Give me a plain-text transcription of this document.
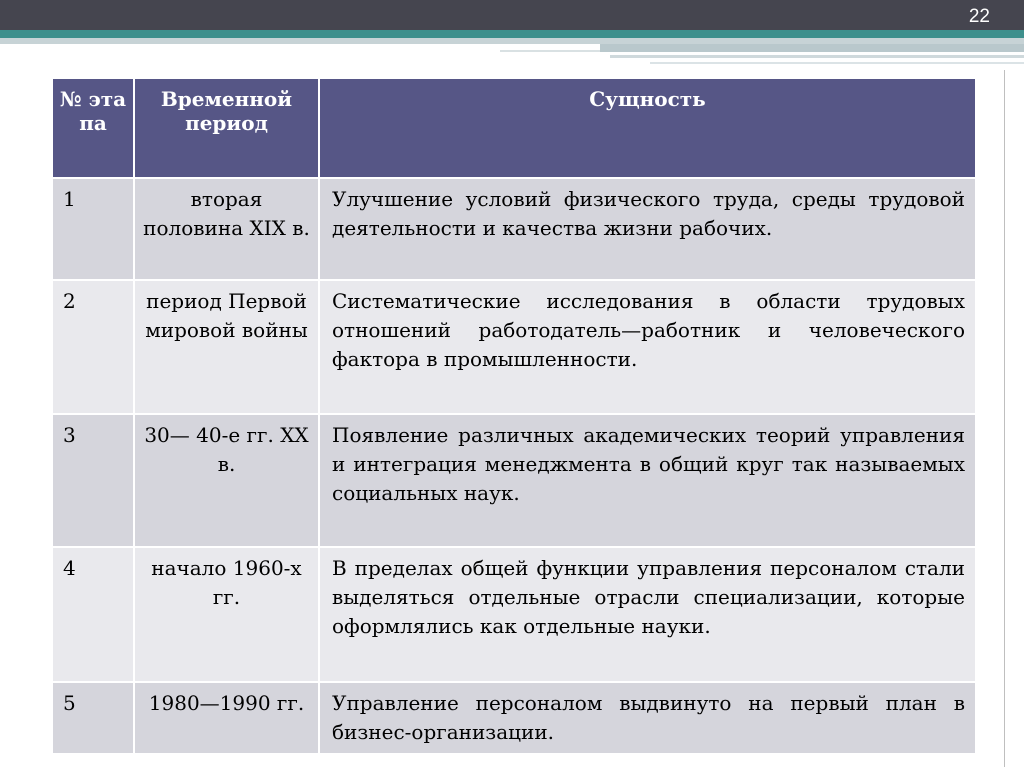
22
№ эта па	Временной период	Сущность
1	вторая половина XIX в.	Улучшение условий физического труда, среды трудовой деятельности и качества жизни рабочих.
2	период Первой мировой войны	Систематические исследования в области трудовых отношений работодатель—работник и человеческого фактора в промышленности.
3	30— 40-е гг. XX в.	Появление различных академических теорий управления и интеграция менеджмента в общий круг так называемых социальных наук.
4	начало 1960-х гг.	В пределах общей функции управления персоналом стали выделяться отдельные отрасли специализации, которые оформлялись как отдельные науки.
5	1980—1990 гг.	Управление персоналом выдвинуто на первый план в бизнес-организации.
